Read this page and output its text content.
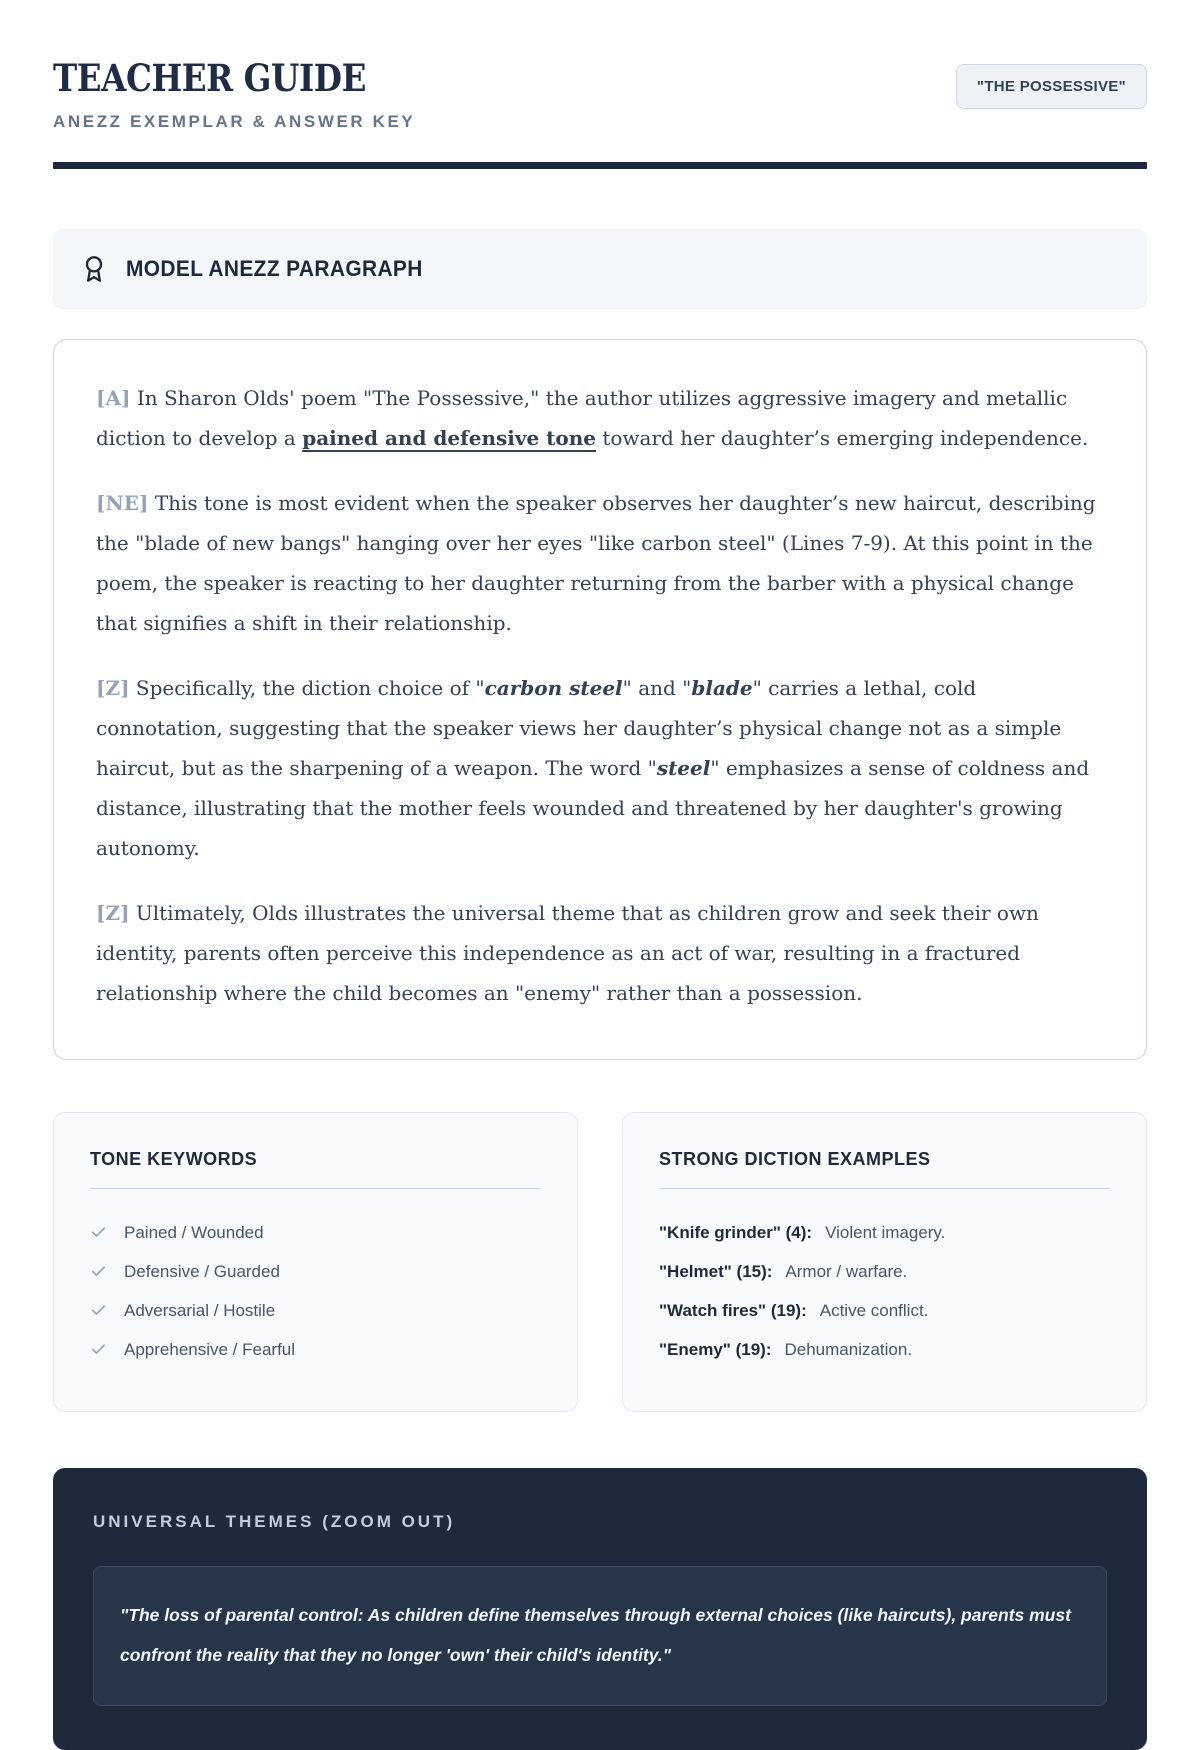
TEACHER GUIDE
ANEZZ EXEMPLAR & ANSWER KEY
"THE POSSESSIVE"
MODEL ANEZZ PARAGRAPH

[A] In Sharon Olds' poem "The Possessive," the author utilizes aggressive imagery and metallic diction to develop a pained and defensive tone toward her daughter’s emerging independence.

[NE] This tone is most evident when the speaker observes her daughter’s new haircut, describing the "blade of new bangs" hanging over her eyes "like carbon steel" (Lines 7-9). At this point in the poem, the speaker is reacting to her daughter returning from the barber with a physical change that signifies a shift in their relationship.

[Z] Specifically, the diction choice of "carbon steel" and "blade" carries a lethal, cold connotation, suggesting that the speaker views her daughter’s physical change not as a simple haircut, but as the sharpening of a weapon. The word "steel" emphasizes a sense of coldness and distance, illustrating that the mother feels wounded and threatened by her daughter's growing autonomy.

[Z] Ultimately, Olds illustrates the universal theme that as children grow and seek their own identity, parents often perceive this independence as an act of war, resulting in a fractured relationship where the child becomes an "enemy" rather than a possession.

TONE KEYWORDS
Pained / Wounded
Defensive / Guarded
Adversarial / Hostile
Apprehensive / Fearful
STRONG DICTION EXAMPLES
"Knife grinder" (4): Violent imagery.
"Helmet" (15): Armor / warfare.
"Watch fires" (19): Active conflict.
"Enemy" (19): Dehumanization.
UNIVERSAL THEMES (ZOOM OUT)
"The loss of parental control: As children define themselves through external choices (like haircuts), parents must confront the reality that they no longer 'own' their child's identity."
